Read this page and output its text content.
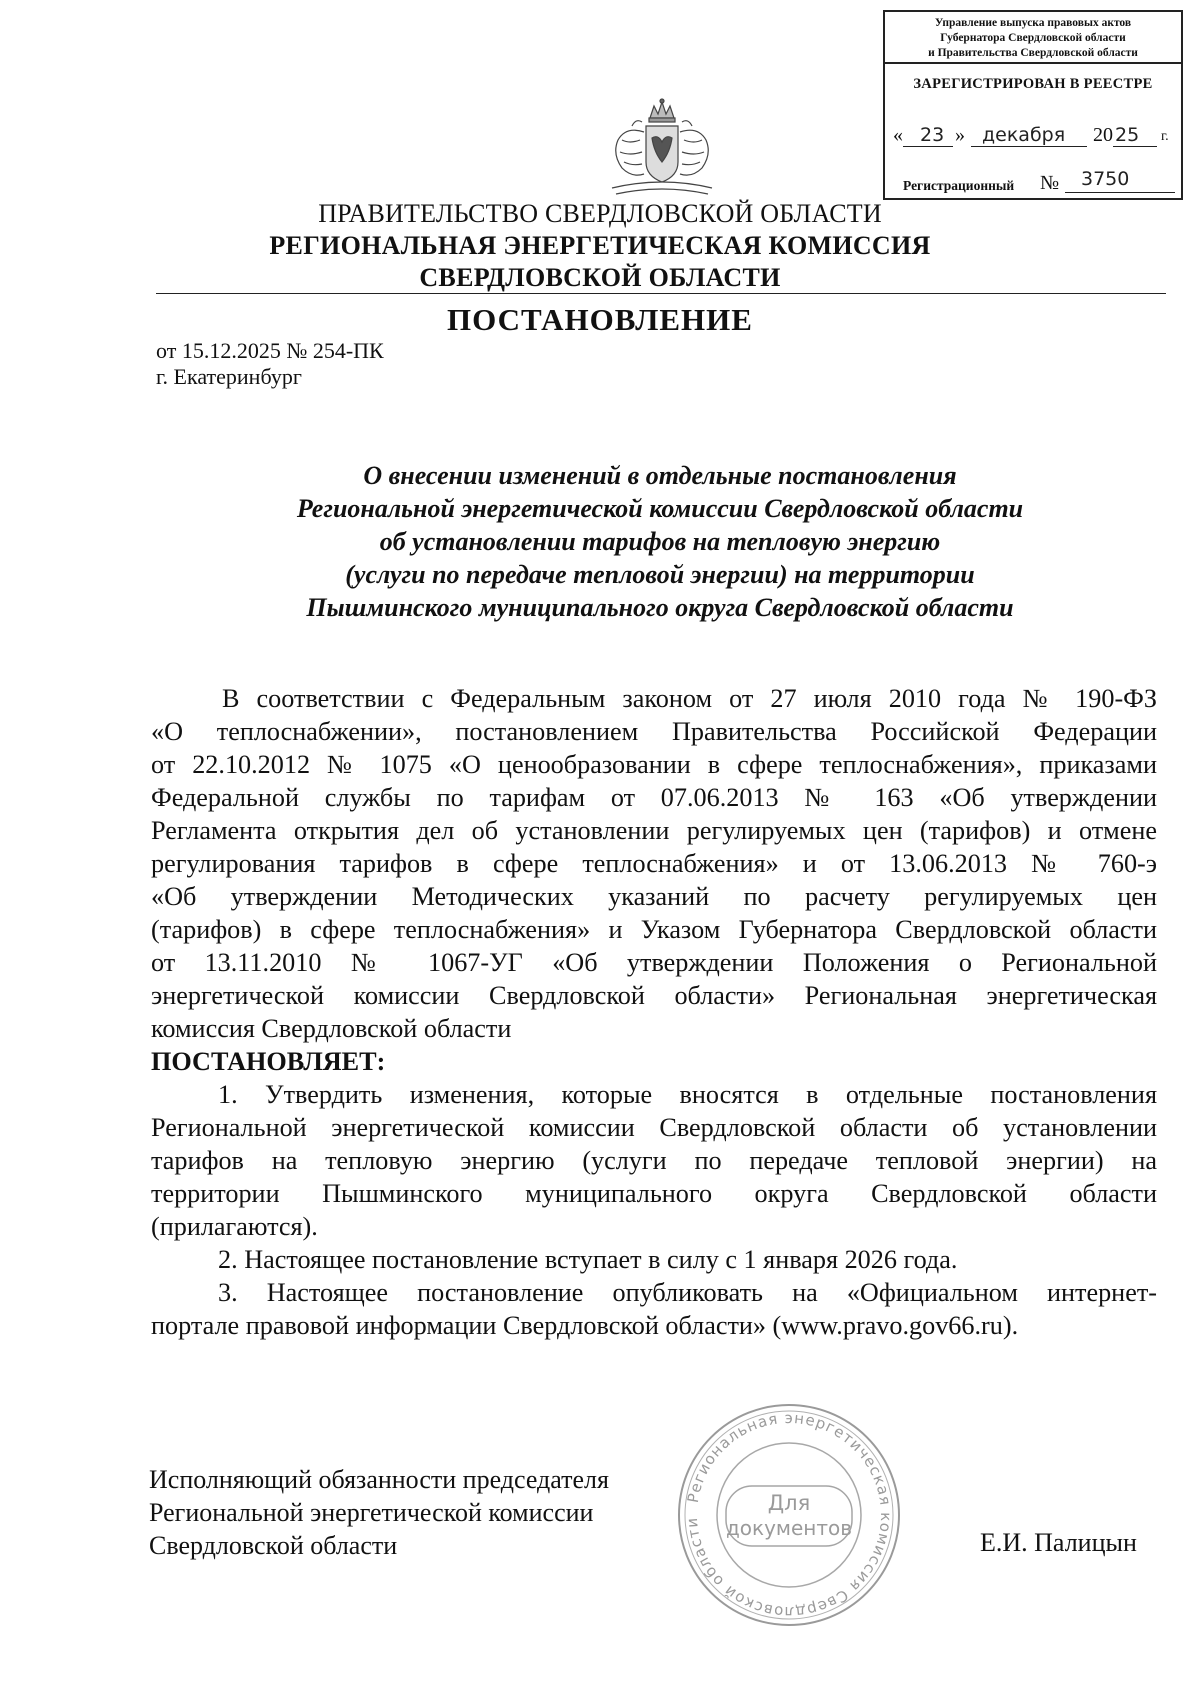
Управление выпуска правовых актов
Губернатора Свердловской области
и Правительства Свердловской области
ЗАРЕГИСТРИРОВАН В РЕЕСТРЕ
« 23 » декабря 20 25 г.
Регистрационный № 3750
ПРАВИТЕЛЬСТВО СВЕРДЛОВСКОЙ ОБЛАСТИ
РЕГИОНАЛЬНАЯ ЭНЕРГЕТИЧЕСКАЯ КОМИССИЯ
СВЕРДЛОВСКОЙ ОБЛАСТИ
ПОСТАНОВЛЕНИЕ
от 15.12.2025 № 254-ПК
г. Екатеринбург
О внесении изменений в отдельные постановления
Региональной энергетической комиссии Свердловской области
об установлении тарифов на тепловую энергию
(услуги по передаче тепловой энергии) на территории
Пышминского муниципального округа Свердловской области
В соответствии с Федеральным законом от 27 июля 2010 года № 190-ФЗ
«О теплоснабжении», постановлением Правительства Российской Федерации
от 22.10.2012 № 1075 «О ценообразовании в сфере теплоснабжения», приказами
Федеральной службы по тарифам от 07.06.2013 № 163 «Об утверждении
Регламента открытия дел об установлении регулируемых цен (тарифов) и отмене
регулирования тарифов в сфере теплоснабжения» и от 13.06.2013 № 760-э
«Об утверждении Методических указаний по расчету регулируемых цен
(тарифов) в сфере теплоснабжения» и Указом Губернатора Свердловской области
от 13.11.2010 № 1067-УГ «Об утверждении Положения о Региональной
энергетической комиссии Свердловской области» Региональная энергетическая
комиссия Свердловской области
ПОСТАНОВЛЯЕТ:
1. Утвердить изменения, которые вносятся в отдельные постановления
Региональной энергетической комиссии Свердловской области об установлении
тарифов на тепловую энергию (услуги по передаче тепловой энергии) на
территории Пышминского муниципального округа Свердловской области
(прилагаются).
2. Настоящее постановление вступает в силу с 1 января 2026 года.
3. Настоящее постановление опубликовать на «Официальном интернет-
портале правовой информации Свердловской области» (www.pravo.gov66.ru).
Исполняющий обязанности председателя
Региональной энергетической комиссии
Свердловской области	Е.И. Палицын
Региональная энергетическая комиссия Свердловской области
Для
документов
